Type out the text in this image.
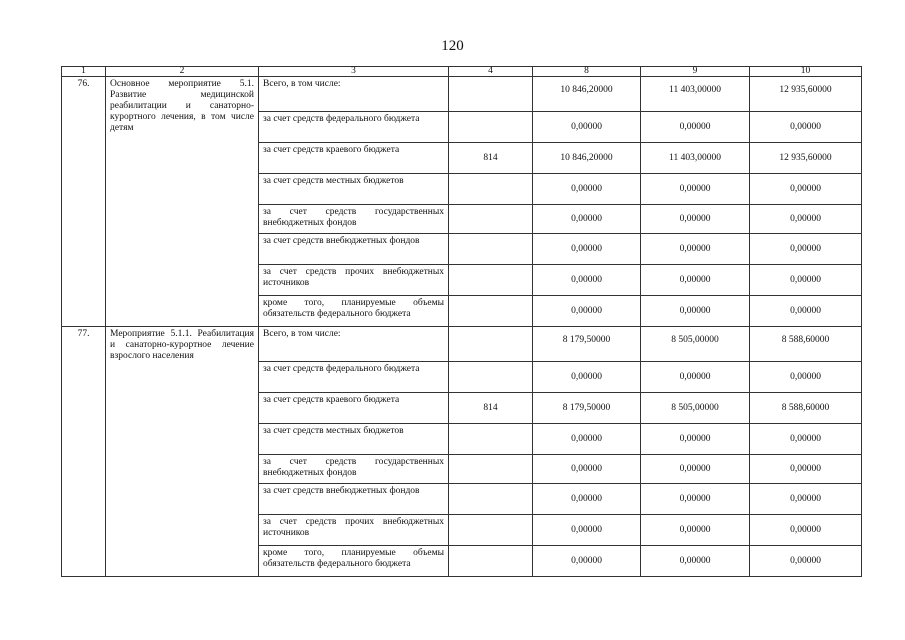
120
1	2	3	4	8	9	10
76.	Основное мероприятие 5.1. Развитие медицинской реабилитации и санаторно-курортного лечения, в том числе детям	Всего, в том числе:		10 846,20000	11 403,00000	12 935,60000
		за счет средств федерального бюджета		0,00000	0,00000	0,00000
		за счет средств краевого бюджета	814	10 846,20000	11 403,00000	12 935,60000
		за счет средств местных бюджетов		0,00000	0,00000	0,00000
		за счет средств государственных внебюджетных фондов		0,00000	0,00000	0,00000
		за счет средств внебюджетных фондов		0,00000	0,00000	0,00000
		за счет средств прочих внебюджетных источников		0,00000	0,00000	0,00000
		кроме того, планируемые объемы обязательств федерального бюджета		0,00000	0,00000	0,00000
77.	Мероприятие 5.1.1. Реабилитация и санаторно-курортное лечение взрослого населения	Всего, в том числе:		8 179,50000	8 505,00000	8 588,60000
		за счет средств федерального бюджета		0,00000	0,00000	0,00000
		за счет средств краевого бюджета	814	8 179,50000	8 505,00000	8 588,60000
		за счет средств местных бюджетов		0,00000	0,00000	0,00000
		за счет средств государственных внебюджетных фондов		0,00000	0,00000	0,00000
		за счет средств внебюджетных фондов		0,00000	0,00000	0,00000
		за счет средств прочих внебюджетных источников		0,00000	0,00000	0,00000
		кроме того, планируемые объемы обязательств федерального бюджета		0,00000	0,00000	0,00000
